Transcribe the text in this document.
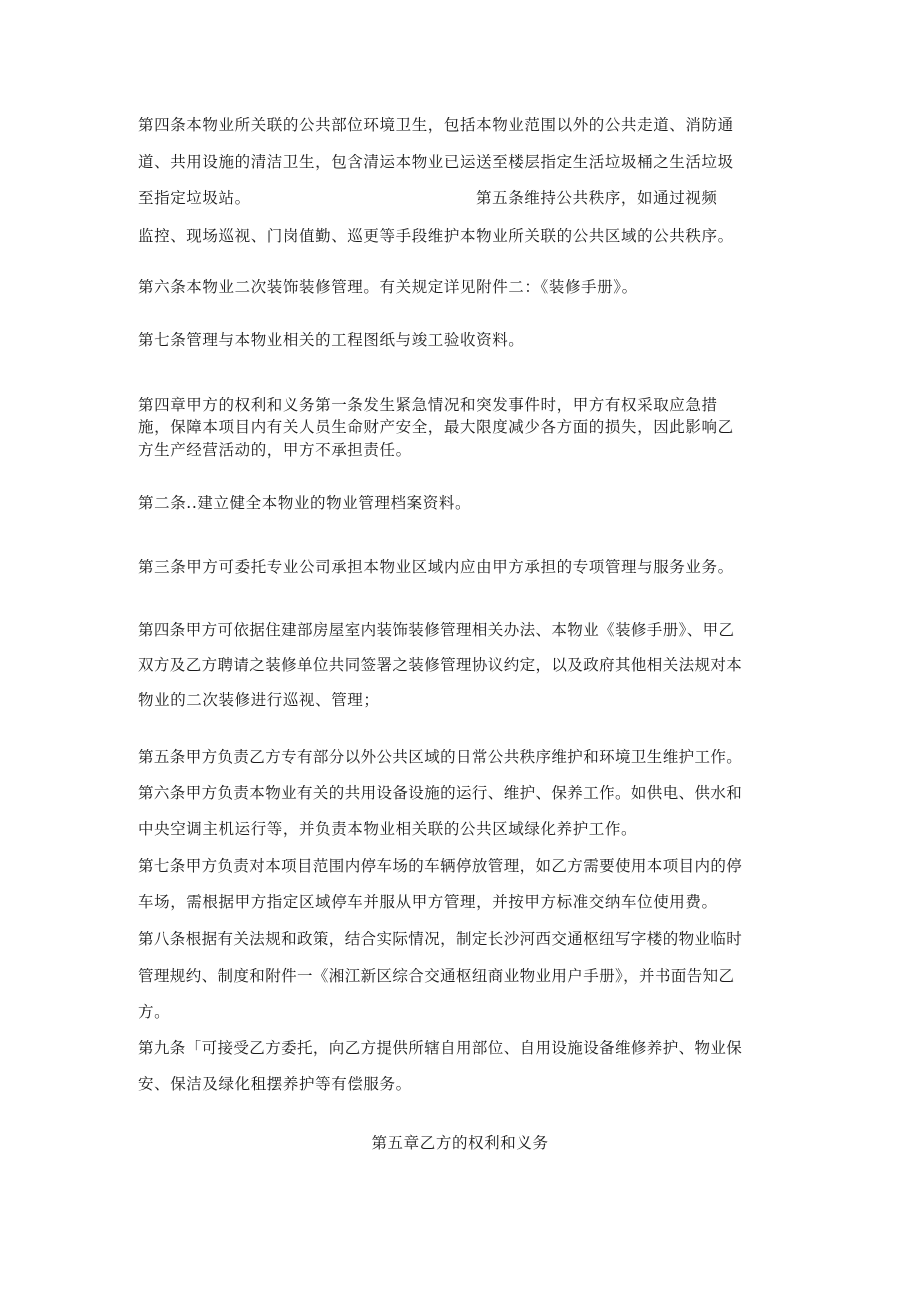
第四条本物业所关联的公共部位环境卫生，包括本物业范围以外的公共走道、消防通
道、共用设施的清洁卫生，包含清运本物业已运送至楼层指定生活垃圾桶之生活垃圾
至指定垃圾站。	第五条维持公共秩序，如通过视频
监控、现场巡视、门岗值勤、巡更等手段维护本物业所关联的公共区域的公共秩序。
第六条本物业二次装饰装修管理。有关规定详见附件二：《装修手册》。
第七条管理与本物业相关的工程图纸与竣工验收资料。
第四章甲方的权利和义务第一条发生紧急情况和突发事件时，甲方有权采取应急措
施，保障本项目内有关人员生命财产安全，最大限度减少各方面的损失，因此影响乙
方生产经营活动的，甲方不承担责任。
第二条..建立健全本物业的物业管理档案资料。
第三条甲方可委托专业公司承担本物业区域内应由甲方承担的专项管理与服务业务。
第四条甲方可依据住建部房屋室内装饰装修管理相关办法、本物业《装修手册》、甲乙
双方及乙方聘请之装修单位共同签署之装修管理协议约定，以及政府其他相关法规对本
物业的二次装修进行巡视、管理；
第五条甲方负责乙方专有部分以外公共区域的日常公共秩序维护和环境卫生维护工作。
第六条甲方负责本物业有关的共用设备设施的运行、维护、保养工作。如供电、供水和
中央空调主机运行等，并负责本物业相关联的公共区域绿化养护工作。
第七条甲方负责对本项目范围内停车场的车辆停放管理，如乙方需要使用本项目内的停
车场，需根据甲方指定区域停车并服从甲方管理，并按甲方标准交纳车位使用费。
第八条根据有关法规和政策，结合实际情况，制定长沙河西交通枢纽写字楼的物业临时
管理规约、制度和附件一《湘江新区综合交通枢纽商业物业用户手册》，并书面告知乙
方。
第九条「可接受乙方委托，向乙方提供所辖自用部位、自用设施设备维修养护、物业保
安、保洁及绿化租摆养护等有偿服务。
第五章乙方的权利和义务
